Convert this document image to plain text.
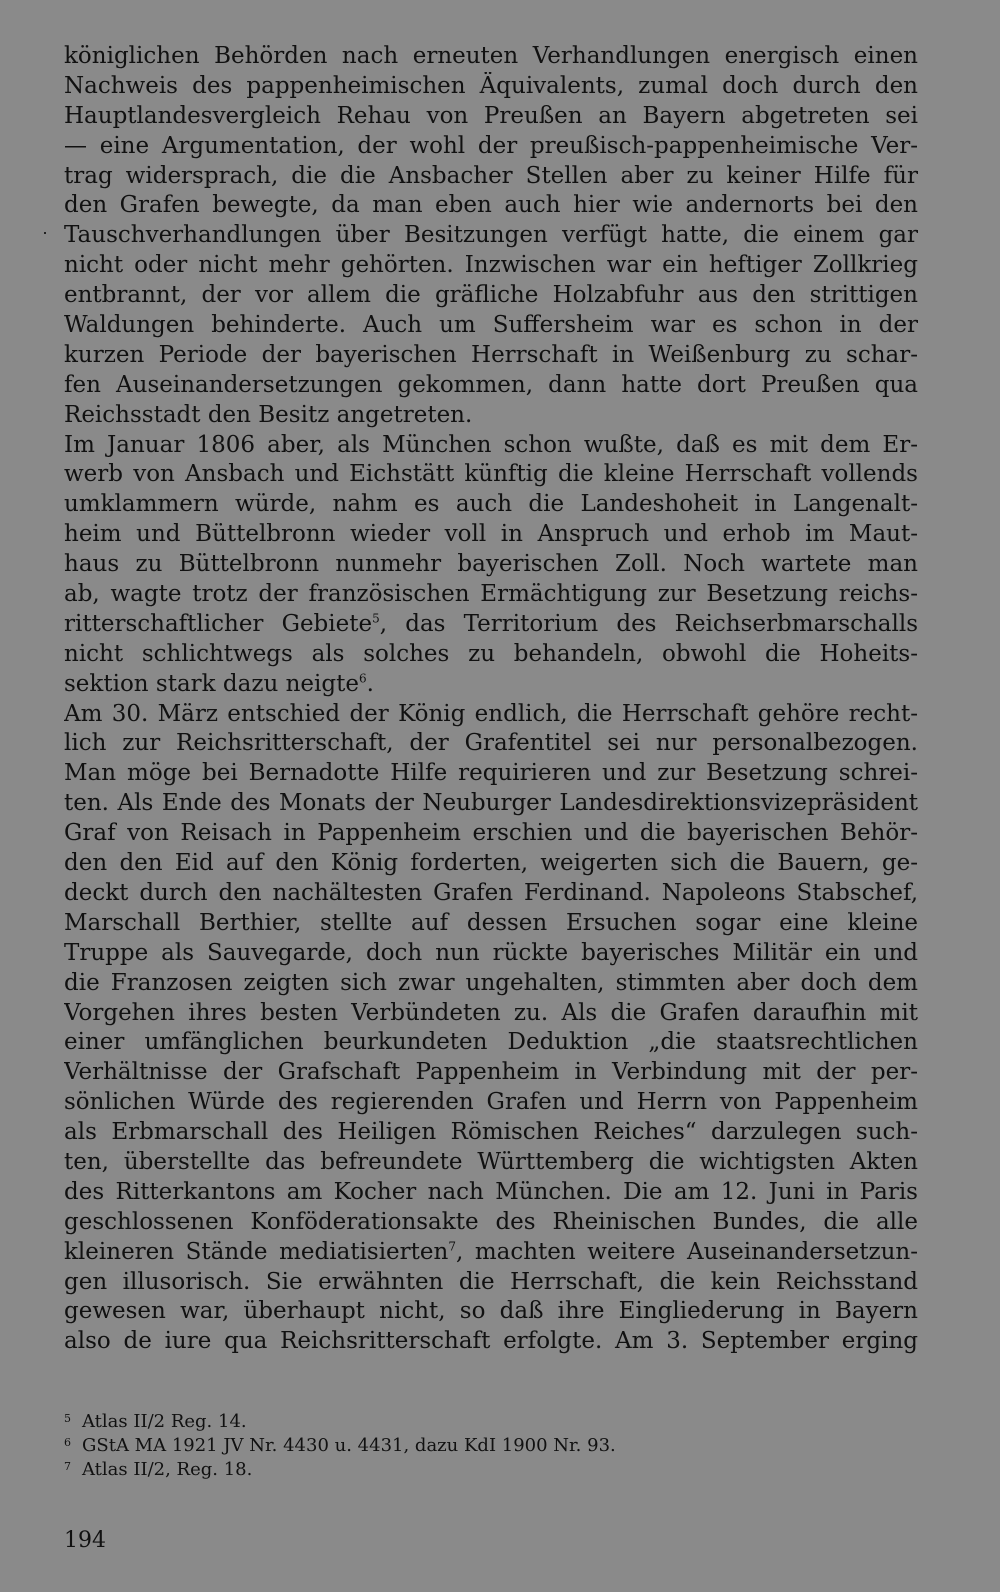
königlichen Behörden nach erneuten Verhandlungen energisch einen
Nachweis des pappenheimischen Äquivalents, zumal doch durch den
Hauptlandesvergleich Rehau von Preußen an Bayern abgetreten sei
— eine Argumentation, der wohl der preußisch-pappenheimische Ver-
trag widersprach, die die Ansbacher Stellen aber zu keiner Hilfe für
den Grafen bewegte, da man eben auch hier wie andernorts bei den
Tauschverhandlungen über Besitzungen verfügt hatte, die einem gar
nicht oder nicht mehr gehörten. Inzwischen war ein heftiger Zollkrieg
entbrannt, der vor allem die gräfliche Holzabfuhr aus den strittigen
Waldungen behinderte. Auch um Suffersheim war es schon in der
kurzen Periode der bayerischen Herrschaft in Weißenburg zu schar-
fen Auseinandersetzungen gekommen, dann hatte dort Preußen qua
Reichsstadt den Besitz angetreten.

Im Januar 1806 aber, als München schon wußte, daß es mit dem Er-
werb von Ansbach und Eichstätt künftig die kleine Herrschaft vollends
umklammern würde, nahm es auch die Landeshoheit in Langenalt-
heim und Büttelbronn wieder voll in Anspruch und erhob im Maut-
haus zu Büttelbronn nunmehr bayerischen Zoll. Noch wartete man
ab, wagte trotz der französischen Ermächtigung zur Besetzung reichs-
ritterschaftlicher Gebiete$^5$, das Territorium des Reichserbmarschalls
nicht schlichtwegs als solches zu behandeln, obwohl die Hoheits-
sektion stark dazu neigte$^6$.

Am 30. März entschied der König endlich, die Herrschaft gehöre recht-
lich zur Reichsritterschaft, der Grafentitel sei nur personalbezogen.
Man möge bei Bernadotte Hilfe requirieren und zur Besetzung schrei-
ten. Als Ende des Monats der Neuburger Landesdirektionsvizepräsident
Graf von Reisach in Pappenheim erschien und die bayerischen Behör-
den den Eid auf den König forderten, weigerten sich die Bauern, ge-
deckt durch den nachältesten Grafen Ferdinand. Napoleons Stabschef,
Marschall Berthier, stellte auf dessen Ersuchen sogar eine kleine
Truppe als Sauvegarde, doch nun rückte bayerisches Militär ein und
die Franzosen zeigten sich zwar ungehalten, stimmten aber doch dem
Vorgehen ihres besten Verbündeten zu. Als die Grafen daraufhin mit
einer umfänglichen beurkundeten Deduktion „die staatsrechtlichen
Verhältnisse der Grafschaft Pappenheim in Verbindung mit der per-
sönlichen Würde des regierenden Grafen und Herrn von Pappenheim
als Erbmarschall des Heiligen Römischen Reiches“ darzulegen such-
ten, überstellte das befreundete Württemberg die wichtigsten Akten
des Ritterkantons am Kocher nach München. Die am 12. Juni in Paris
geschlossenen Konföderationsakte des Rheinischen Bundes, die alle
kleineren Stände mediatisierten$^7$, machten weitere Auseinandersetzun-
gen illusorisch. Sie erwähnten die Herrschaft, die kein Reichsstand
gewesen war, überhaupt nicht, so daß ihre Eingliederung in Bayern
also de iure qua Reichsritterschaft erfolgte. Am 3. September erging

5 Atlas II/2 Reg. 14.
6 GStA MA 1921 JV Nr. 4430 u. 4431, dazu KdI 1900 Nr. 93.
7 Atlas II/2, Reg. 18.
194
